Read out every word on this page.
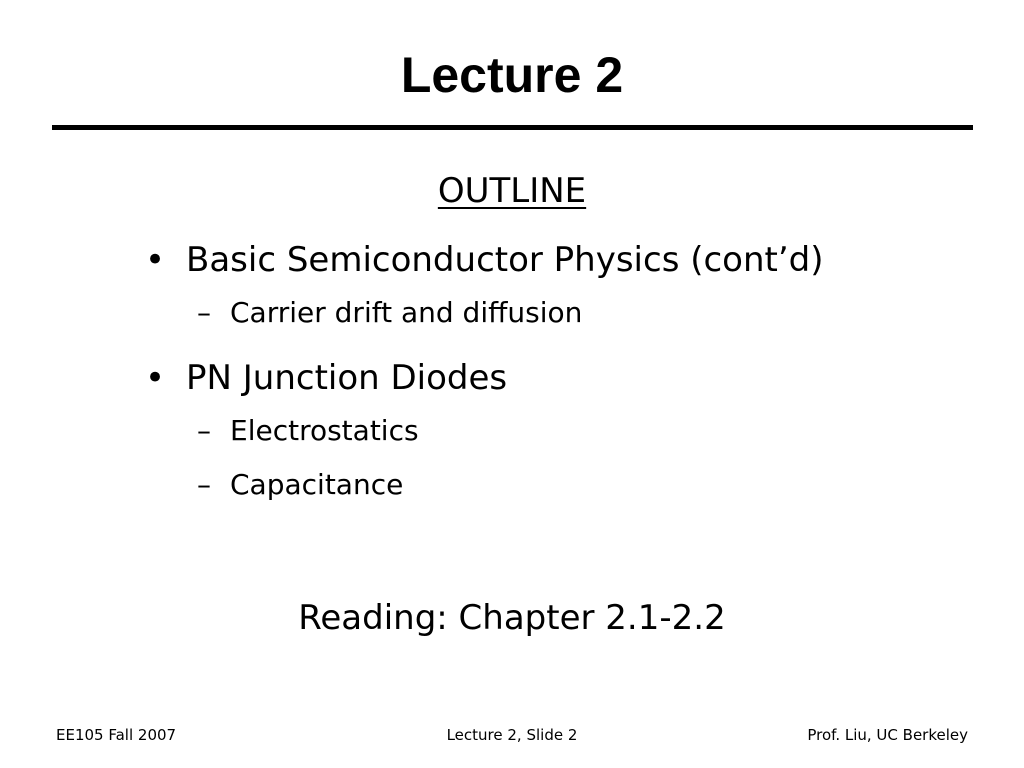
Lecture 2
OUTLINE
• Basic Semiconductor Physics (cont’d)
– Carrier drift and diffusion
• PN Junction Diodes
– Electrostatics
– Capacitance
Reading: Chapter 2.1-2.2
EE105 Fall 2007	Lecture 2, Slide 2	Prof. Liu, UC Berkeley
